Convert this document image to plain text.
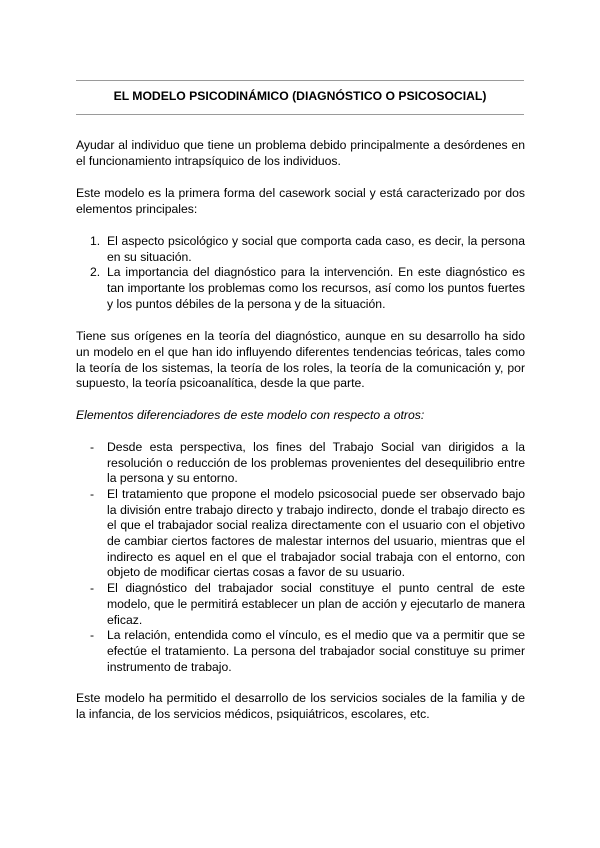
EL MODELO PSICODINÁMICO (DIAGNÓSTICO O PSICOSOCIAL)

Ayudar al individuo que tiene un problema debido principalmente a desórdenes en el funcionamiento intrapsíquico de los individuos.

Este modelo es la primera forma del casework social y está caracterizado por dos elementos principales:

1. El aspecto psicológico y social que comporta cada caso, es decir, la persona en su situación.
2. La importancia del diagnóstico para la intervención. En este diagnóstico es tan importante los problemas como los recursos, así como los puntos fuertes y los puntos débiles de la persona y de la situación.

Tiene sus orígenes en la teoría del diagnóstico, aunque en su desarrollo ha sido un modelo en el que han ido influyendo diferentes tendencias teóricas, tales como la teoría de los sistemas, la teoría de los roles, la teoría de la comunicación y, por supuesto, la teoría psicoanalítica, desde la que parte.

Elementos diferenciadores de este modelo con respecto a otros:

- Desde esta perspectiva, los fines del Trabajo Social van dirigidos a la resolución o reducción de los problemas provenientes del desequilibrio entre la persona y su entorno.
- El tratamiento que propone el modelo psicosocial puede ser observado bajo la división entre trabajo directo y trabajo indirecto, donde el trabajo directo es el que el trabajador social realiza directamente con el usuario con el objetivo de cambiar ciertos factores de malestar internos del usuario, mientras que el indirecto es aquel en el que el trabajador social trabaja con el entorno, con objeto de modificar ciertas cosas a favor de su usuario.
- El diagnóstico del trabajador social constituye el punto central de este modelo, que le permitirá establecer un plan de acción y ejecutarlo de manera eficaz.
- La relación, entendida como el vínculo, es el medio que va a permitir que se efectúe el tratamiento. La persona del trabajador social constituye su primer instrumento de trabajo.

Este modelo ha permitido el desarrollo de los servicios sociales de la familia y de la infancia, de los servicios médicos, psiquiátricos, escolares, etc.
